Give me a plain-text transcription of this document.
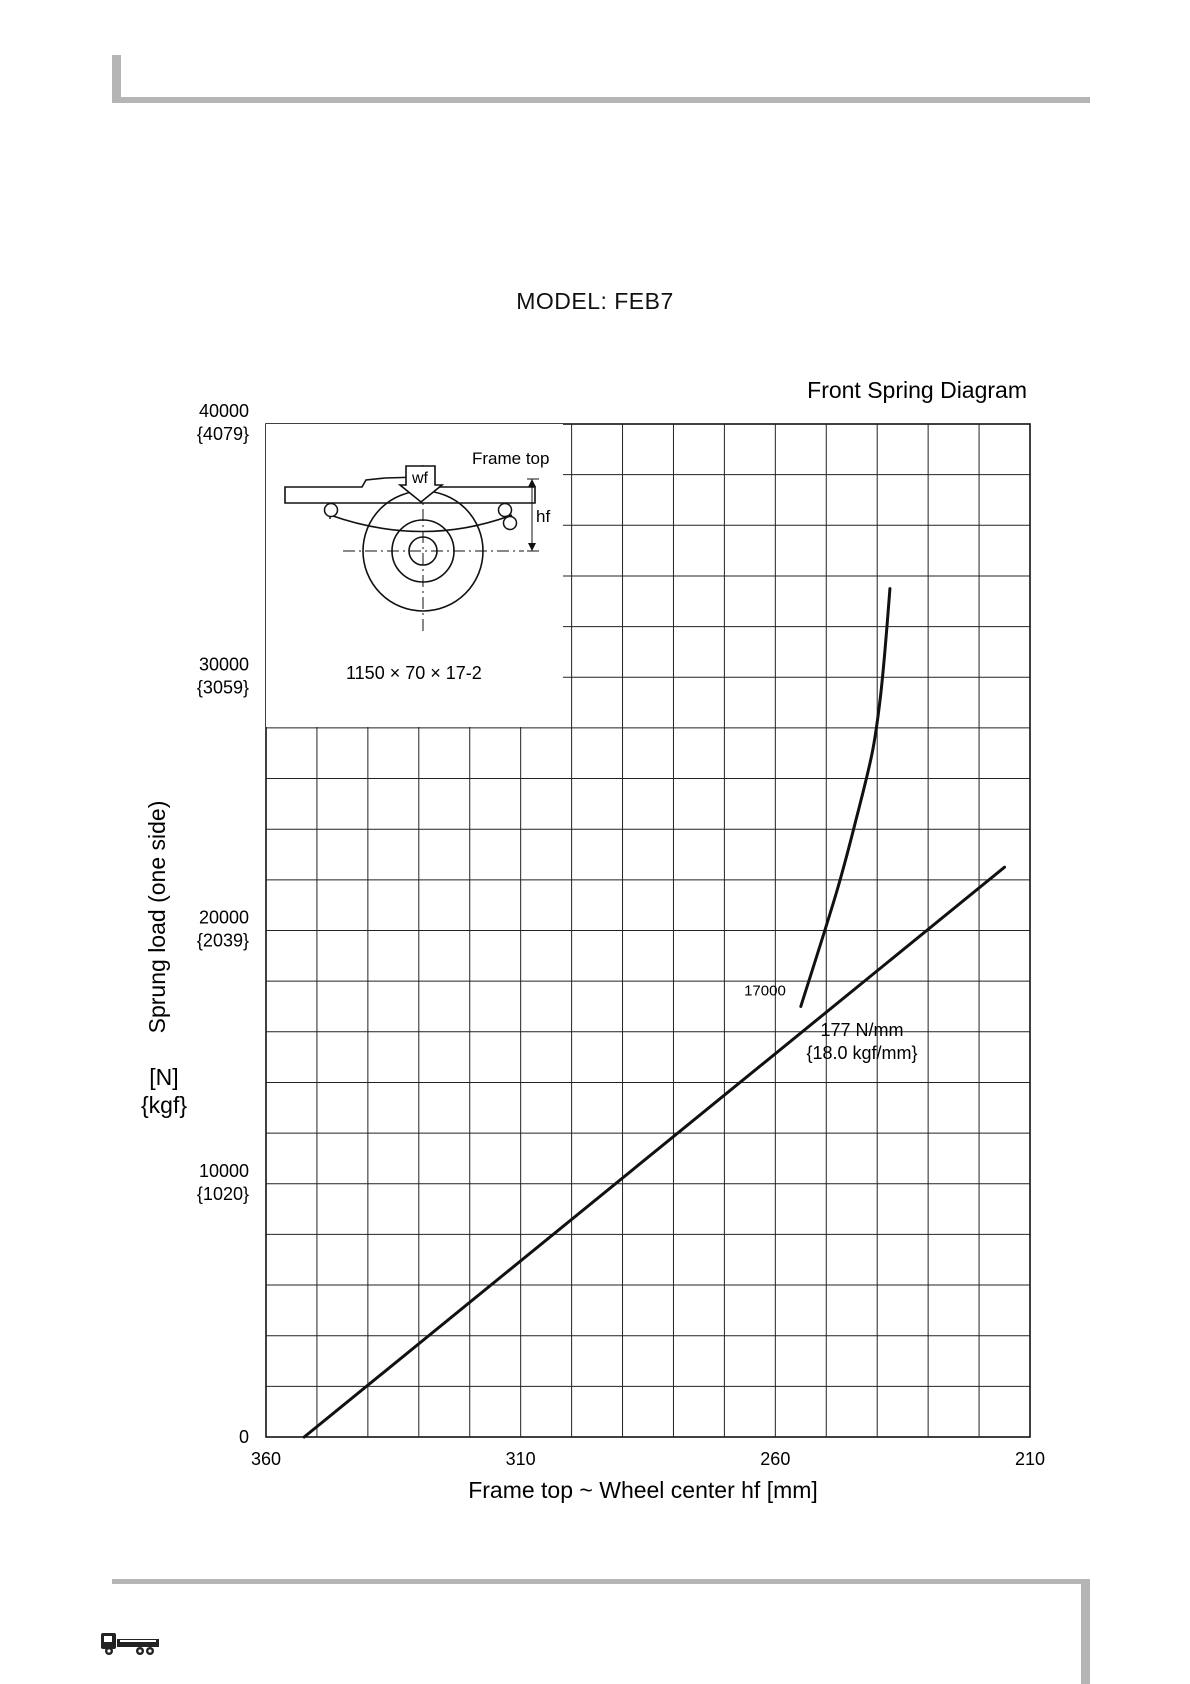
MODEL: FEB7
wf
hf
Frame top
1150 × 70 × 17-2
360	310	260	210
0
10000
{1020}
20000
{2039}
30000
{3059}
40000
{4079}
17000
177 N/mm
{18.0 kgf/mm}
Front Spring Diagram
Frame top ~ Wheel center hf [mm]
Sprung load (one side)
[N]
{kgf}
